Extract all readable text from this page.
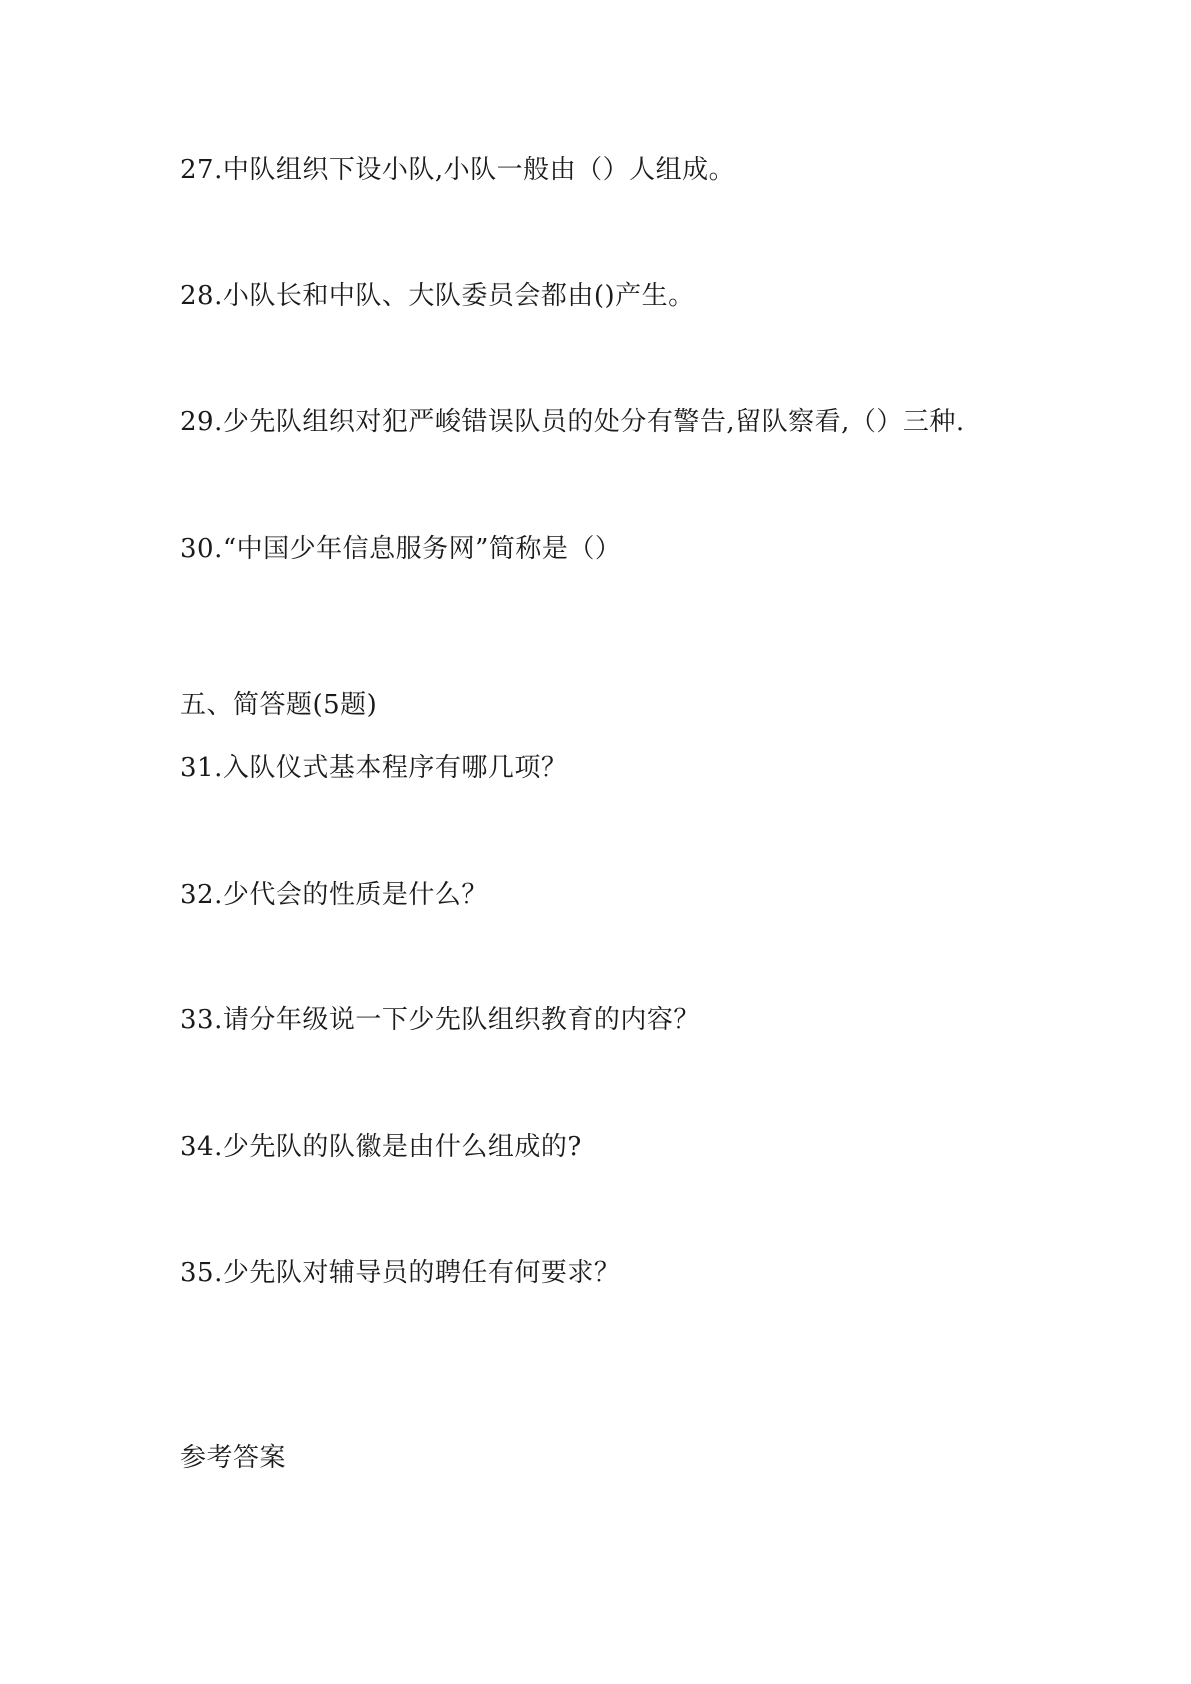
27.中队组织下设小队,小队一般由（）人组成。
28.小队长和中队、大队委员会都由()产生。
29.少先队组织对犯严峻错误队员的处分有警告,留队察看,（）三种.
30.“中国少年信息服务网”简称是（）
五、简答题(5题)
31.入队仪式基本程序有哪几项？
32.少代会的性质是什么？
33.请分年级说一下少先队组织教育的内容？
34.少先队的队徽是由什么组成的?
35.少先队对辅导员的聘任有何要求？
参考答案
